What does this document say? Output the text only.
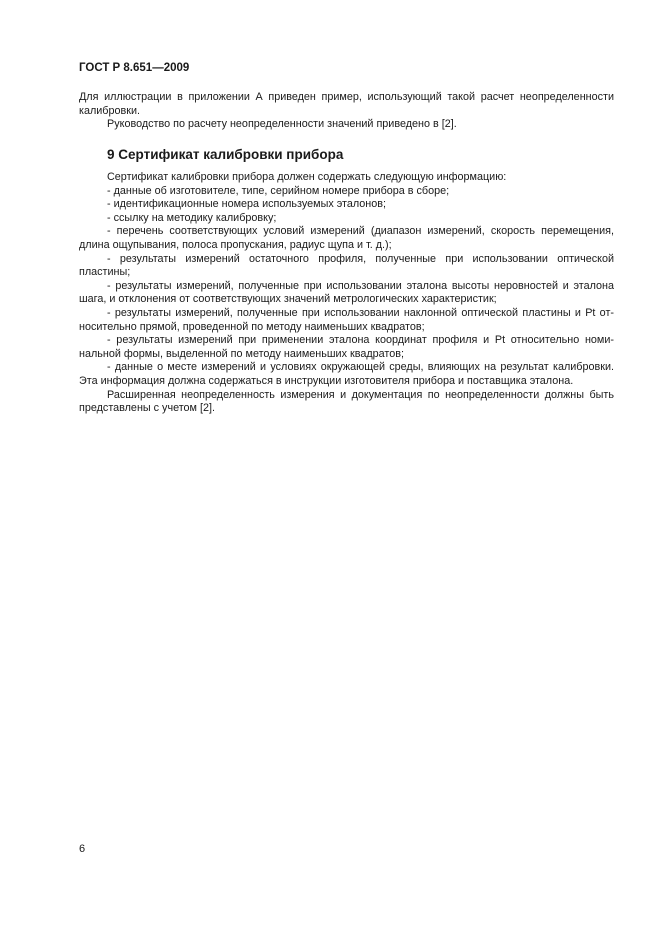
ГОСТ Р 8.651—2009

Для иллюстрации в приложении А приведен пример, использующий такой расчет неопределенности калибровки.

Руководство по расчету неопределенности значений приведено в [2].

9 Сертификат калибровки прибора

Сертификат калибровки прибора должен содержать следующую информацию:

- данные об изготовителе, типе, серийном номере прибора в сборе;

- идентификационные номера используемых эталонов;

- ссылку на методику калибровку;

- перечень соответствующих условий измерений (диапазон измерений, скорость перемещения, длина ощупывания, полоса пропускания, радиус щупа и т. д.);

- результаты измерений остаточного профиля, полученные при использовании оптической пластины;

- результаты измерений, полученные при использовании эталона высоты неровностей и эталона шага, и отклонения от соответствующих значений метрологических характеристик;

- результаты измерений, полученные при использовании наклонной оптической пластины и Pt относительно прямой, проведенной по методу наименьших квадратов;

- результаты измерений при применении эталона координат профиля и Pt относительно номинальной формы, выделенной по методу наименьших квадратов;

- данные о месте измерений и условиях окружающей среды, влияющих на результат калибровки. Эта информация должна содержаться в инструкции изготовителя прибора и поставщика эталона.

Расширенная неопределенность измерения и документация по неопределенности должны быть представлены с учетом [2].

6
